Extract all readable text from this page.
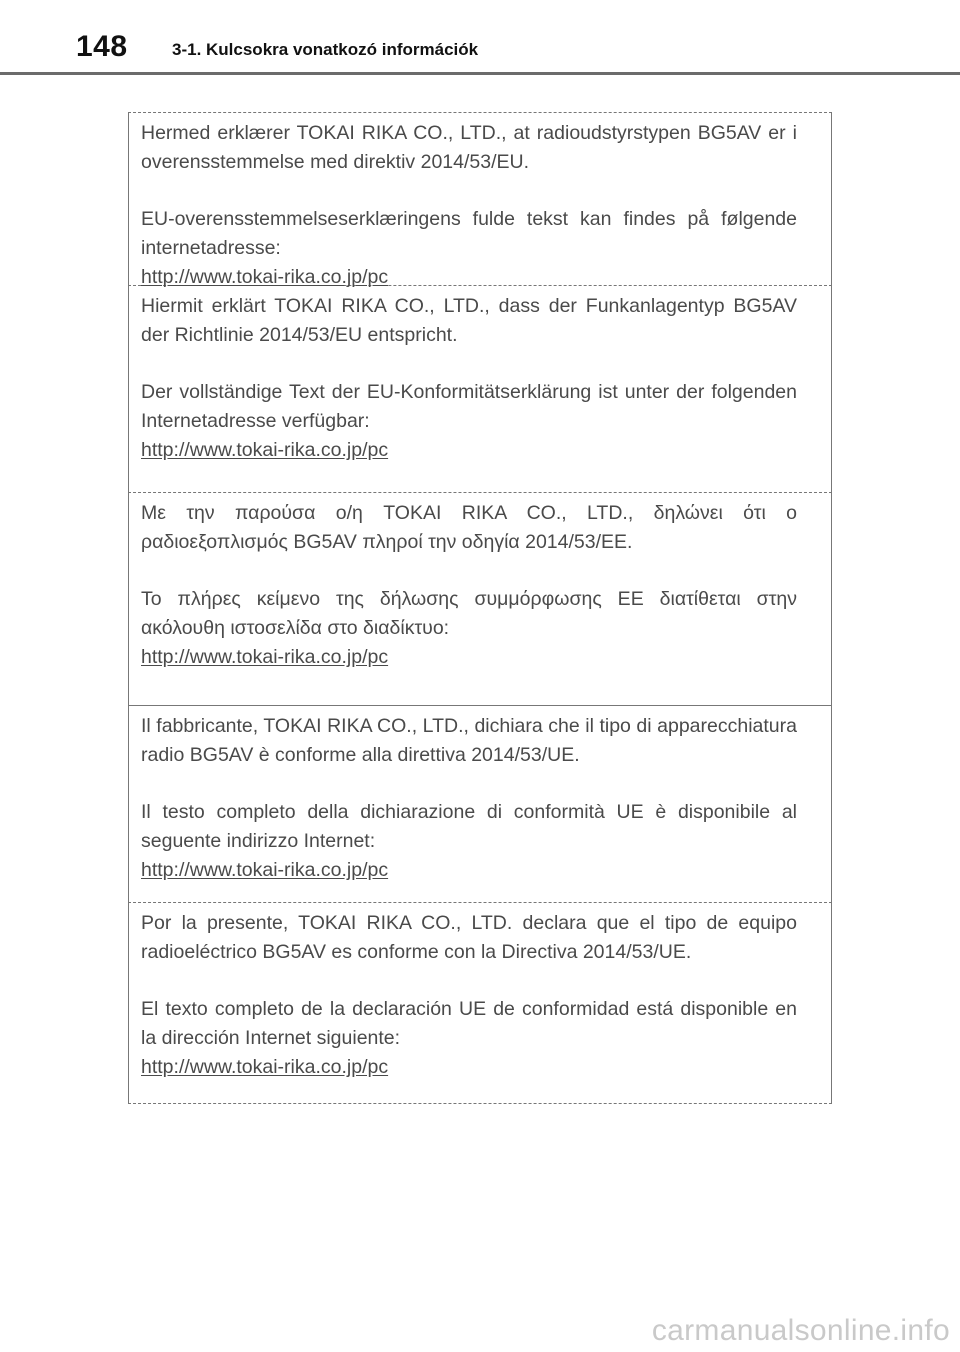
148	3-1. Kulcsokra vonatkozó információk

Hermed erklærer TOKAI RIKA CO., LTD., at radioudstyrstypen BG5AV er i overensstemmelse med direktiv 2014/53/EU.

EU-overensstemmelseserklæringens fulde tekst kan findes på følgende internetadresse:

http://www.tokai-rika.co.jp/pc

Hiermit erklärt TOKAI RIKA CO., LTD., dass der Funkanlagentyp BG5AV der Richtlinie 2014/53/EU entspricht.

Der vollständige Text der EU-Konformitätserklärung ist unter der folgenden Internetadresse verfügbar:

http://www.tokai-rika.co.jp/pc

Με την παρούσα ο/η TOKAI RIKA CO., LTD., δηλώνει ότι ο ραδιοεξοπλισμός BG5AV πληροί την οδηγία 2014/53/ΕΕ.

Το πλήρες κείμενο της δήλωσης συμμόρφωσης ΕΕ διατίθεται στην ακόλουθη ιστοσελίδα στο διαδίκτυο:

http://www.tokai-rika.co.jp/pc

Il fabbricante, TOKAI RIKA CO., LTD., dichiara che il tipo di apparecchiatura radio BG5AV è conforme alla direttiva 2014/53/UE.

Il testo completo della dichiarazione di conformità UE è disponibile al seguente indirizzo Internet:

http://www.tokai-rika.co.jp/pc

Por la presente, TOKAI RIKA CO., LTD. declara que el tipo de equipo radioeléctrico BG5AV es conforme con la Directiva 2014/53/UE.

El texto completo de la declaración UE de conformidad está disponible en la dirección Internet siguiente:

http://www.tokai-rika.co.jp/pc
carmanualsonline.info
